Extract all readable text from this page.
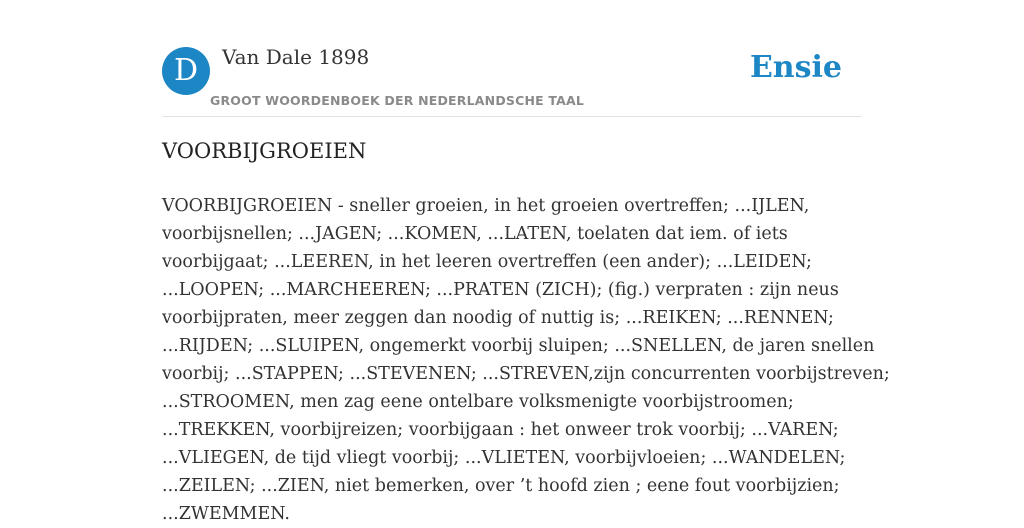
D	Van Dale 1898
GROOT WOORDENBOEK DER NEDERLANDSCHE TAAL
Ensie
VOORBIJGROEIEN

VOORBIJGROEIEN - sneller groeien, in het groeien overtreffen; ...IJLEN,
voorbijsnellen; ...JAGEN; ...KOMEN, ...LATEN, toelaten dat iem. of iets
voorbijgaat; ...LEEREN, in het leeren overtreffen (een ander); ...LEIDEN;
...LOOPEN; ...MARCHEEREN; ...PRATEN (ZICH); (fig.) verpraten : zijn neus
voorbijpraten, meer zeggen dan noodig of nuttig is; ...REIKEN; ...RENNEN;
...RIJDEN; ...SLUIPEN, ongemerkt voorbij sluipen; ...SNELLEN, de jaren snellen
voorbij; ...STAPPEN; ...STEVENEN; ...STREVEN,zijn concurrenten voorbijstreven;
...STROOMEN, men zag eene ontelbare volksmenigte voorbijstroomen;
...TREKKEN, voorbijreizen; voorbijgaan : het onweer trok voorbij; ...VAREN;
...VLIEGEN, de tijd vliegt voorbij; ...VLIETEN, voorbijvloeien; ...WANDELEN;
...ZEILEN; ...ZIEN, niet bemerken, over ’t hoofd zien ; eene fout voorbijzien;
...ZWEMMEN.
